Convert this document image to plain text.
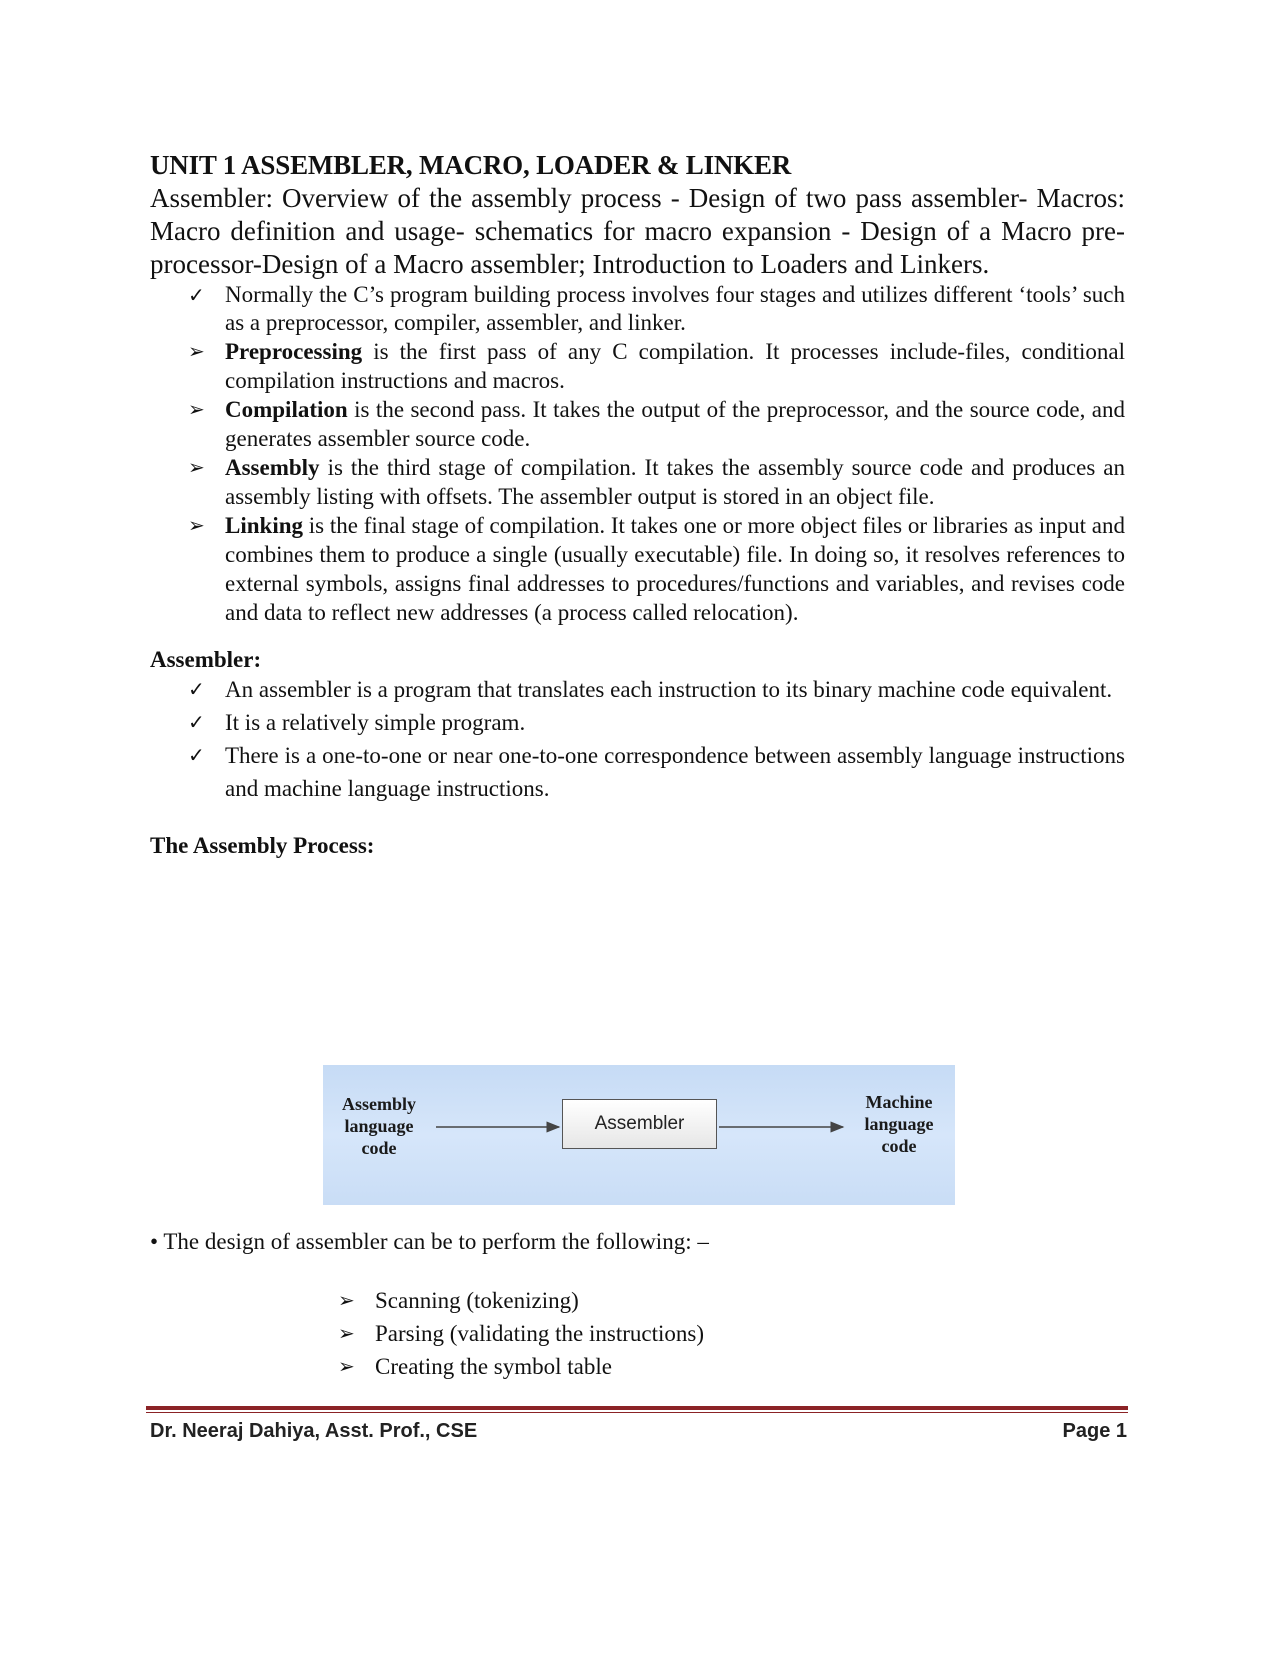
UNIT 1 ASSEMBLER, MACRO, LOADER & LINKER

Assembler: Overview of the assembly process - Design of two pass assembler- Macros: Macro definition and usage- schematics for macro expansion - Design of a Macro pre- processor-Design of a Macro assembler; Introduction to Loaders and Linkers.

✓ Normally the C’s program building process involves four stages and utilizes different ‘tools’ such as a preprocessor, compiler, assembler, and linker.
➢ Preprocessing is the first pass of any C compilation. It processes include-files, conditional compilation instructions and macros.
➢ Compilation is the second pass. It takes the output of the preprocessor, and the source code, and generates assembler source code.
➢ Assembly is the third stage of compilation. It takes the assembly source code and produces an assembly listing with offsets. The assembler output is stored in an object file.
➢ Linking is the final stage of compilation. It takes one or more object files or libraries as input and combines them to produce a single (usually executable) file. In doing so, it resolves references to external symbols, assigns final addresses to procedures/functions and variables, and revises code and data to reflect new addresses (a process called relocation).

Assembler:

✓ An assembler is a program that translates each instruction to its binary machine code equivalent.
✓ It is a relatively simple program.
✓ There is a one-to-one or near one-to-one correspondence between assembly language instructions and machine language instructions.

The Assembly Process:

Assembly
language
code
Assembler
Machine
language
code
• The design of assembler can be to perform the following: –
➢ Scanning (tokenizing)
➢ Parsing (validating the instructions)
➢ Creating the symbol table
Dr. Neeraj Dahiya, Asst. Prof., CSE	Page 1
